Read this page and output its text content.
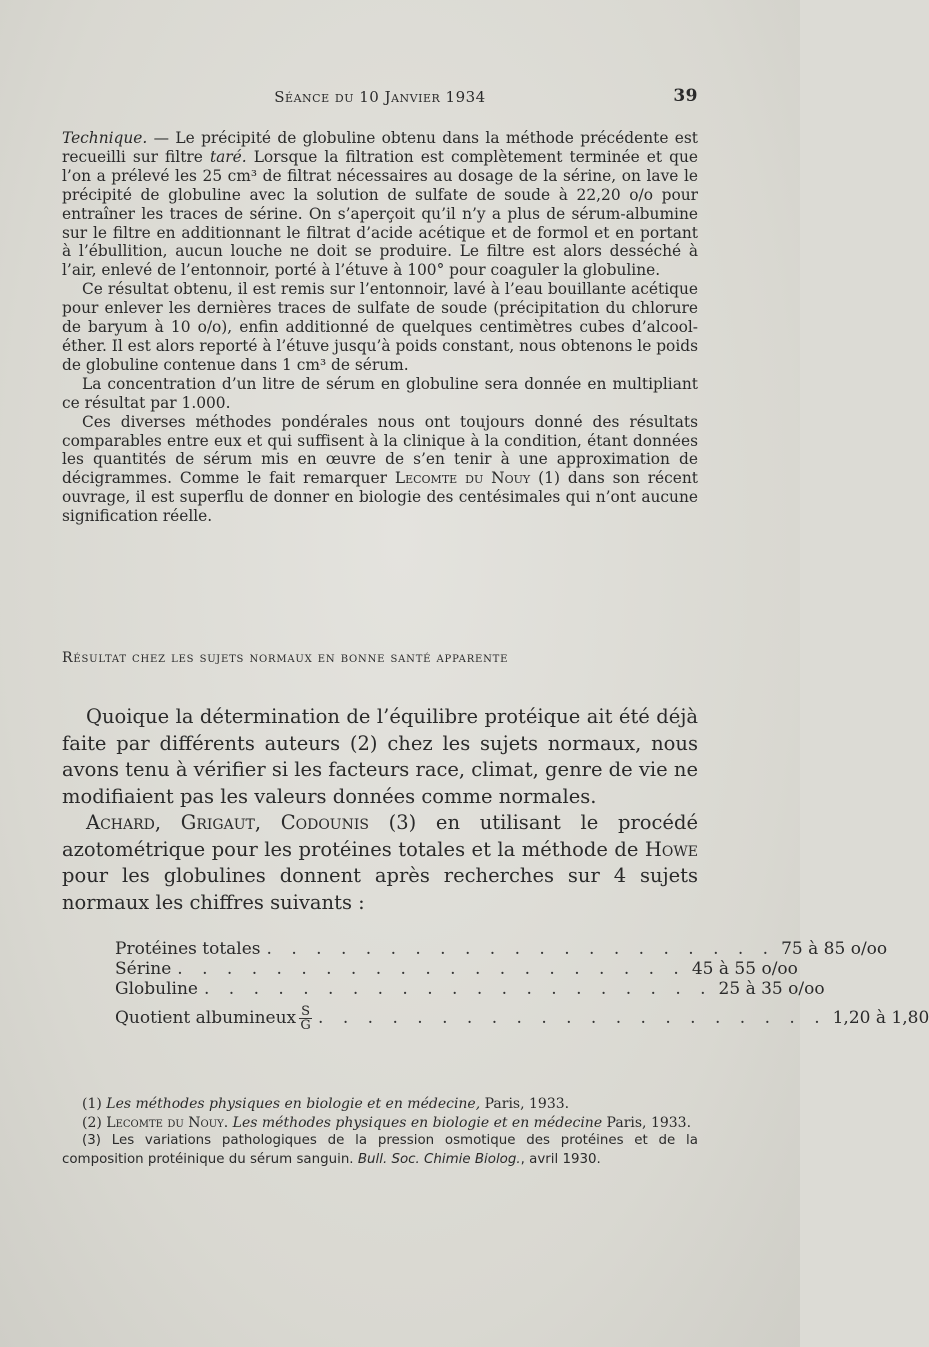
Séance du 10 Janvier 1934	39

Technique. — Le précipité de globuline obtenu dans la méthode précédente est recueilli sur filtre taré. Lorsque la filtration est complètement terminée et que l’on a prélevé les 25 cm³ de filtrat nécessaires au dosage de la sérine, on lave le précipité de globuline avec la solution de sulfate de soude à 22,20 o/o pour entraîner les traces de sérine. On s’aperçoit qu’il n’y a plus de sérum-albumine sur le filtre en additionnant le filtrat d’acide acétique et de formol et en portant à l’ébullition, aucun louche ne doit se produire. Le filtre est alors desséché à l’air, enlevé de l’entonnoir, porté à l’étuve à 100° pour coaguler la globuline.

Ce résultat obtenu, il est remis sur l’entonnoir, lavé à l’eau bouillante acétique pour enlever les dernières traces de sulfate de soude (précipitation du chlorure de baryum à 10 o/o), enfin additionné de quelques centimètres cubes d’alcool-éther. Il est alors reporté à l’étuve jusqu’à poids constant, nous obtenons le poids de globuline contenue dans 1 cm³ de sérum.

La concentration d’un litre de sérum en globuline sera donnée en multipliant ce résultat par 1.000.

Ces diverses méthodes pondérales nous ont toujours donné des résultats comparables entre eux et qui suffisent à la clinique à la condition, étant données les quantités de sérum mis en œuvre de s’en tenir à une approximation de décigrammes. Comme le fait remarquer Lecomte du Nouy (1) dans son récent ouvrage, il est superflu de donner en biologie des centésimales qui n’ont aucune signification réelle.

Résultat chez les sujets normaux en bonne santé apparente

Quoique la détermination de l’équilibre protéique ait été déjà faite par différents auteurs (2) chez les sujets normaux, nous avons tenu à vérifier si les facteurs race, climat, genre de vie ne modifiaient pas les valeurs données comme normales.

Achard, Grigaut, Codounis (3) en utilisant le procédé azotométrique pour les protéines totales et la méthode de Howe pour les globulines donnent après recherches sur 4 sujets normaux les chiffres suivants :

Protéines totales . . . . . . . . . . . . . . . . . . . . . 75 à 85 o/oo
Sérine . . . . . . . . . . . . . . . . . . . . . 45 à 55 o/oo
Globuline . . . . . . . . . . . . . . . . . . . . . 25 à 35 o/oo
Quotient albumineux $\frac{S}{G}$ . . . . . . . . . . . . . . . . . . . . . 1,20 à 1,80

(1) Les méthodes physiques en biologie et en médecine, Paris, 1933.

(2) Lecomte du Nouy. Les méthodes physiques en biologie et en médecine Paris, 1933.

(3) Les variations pathologiques de la pression osmotique des protéines et de la composition protéinique du sérum sanguin. Bull. Soc. Chimie Biolog., avril 1930.
